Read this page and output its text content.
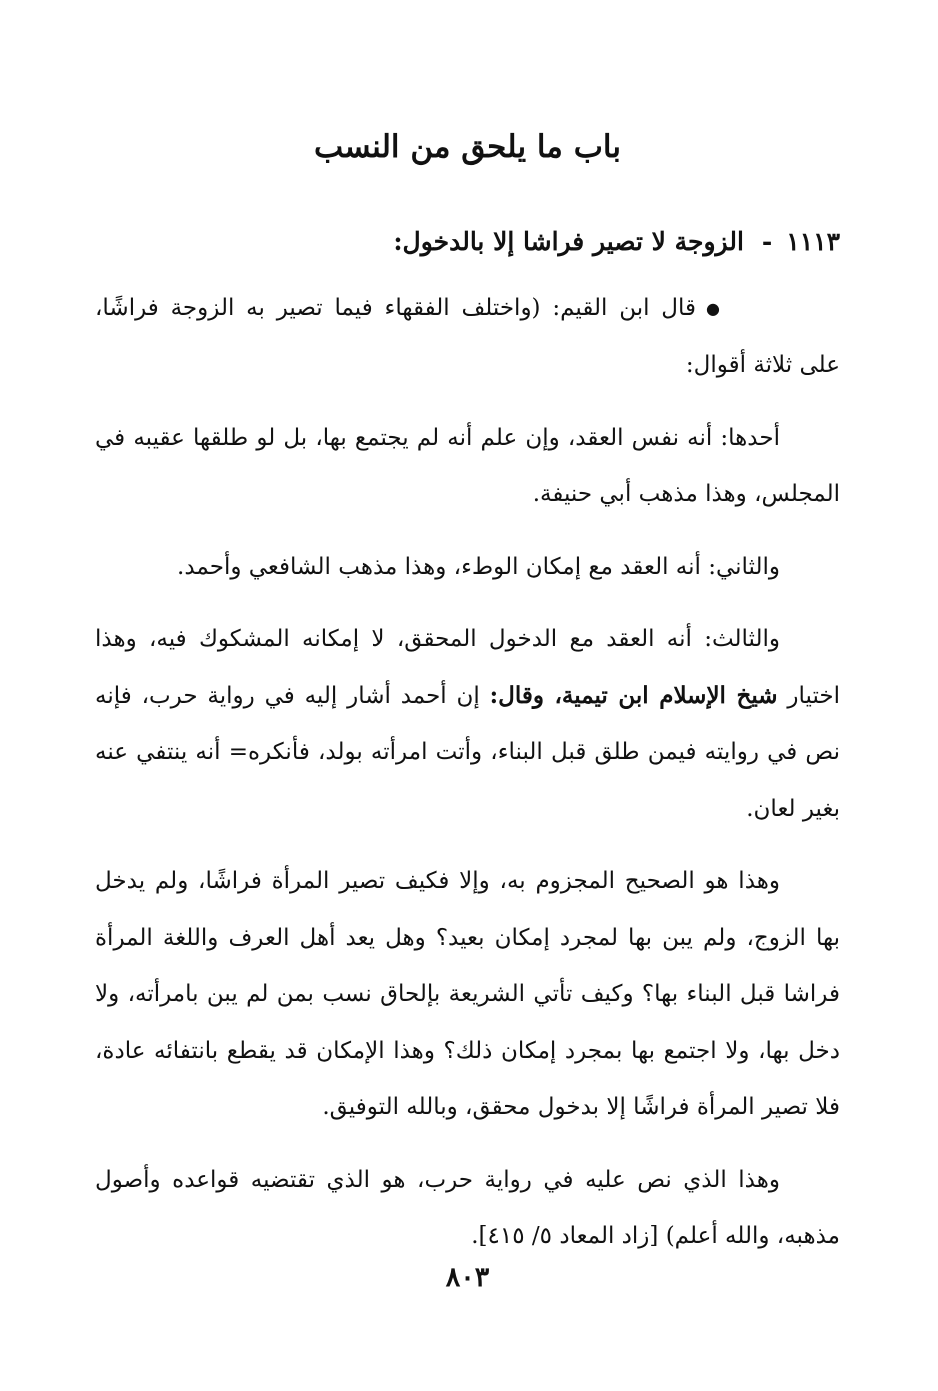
باب ما يلحق من النسب
١١١٣-الزوجة لا تصير فراشا إلا بالدخول:

●قال ابن القيم: (واختلف الفقهاء فيما تصير به الزوجة فراشًا، على ثلاثة أقوال:

أحدها: أنه نفس العقد، وإن علم أنه لم يجتمع بها، بل لو طلقها عقيبه في المجلس، وهذا مذهب أبي حنيفة.

والثاني: أنه العقد مع إمكان الوطء، وهذا مذهب الشافعي وأحمد.

والثالث: أنه العقد مع الدخول المحقق، لا إمكانه المشكوك فيه، وهذا اختيار شيخ الإسلام ابن تيمية، وقال: إن أحمد أشار إليه في رواية حرب، فإنه نص في روايته فيمن طلق قبل البناء، وأتت امرأته بولد، فأنكره= أنه ينتفي عنه بغير لعان.

وهذا هو الصحيح المجزوم به، وإلا فكيف تصير المرأة فراشًا، ولم يدخل بها الزوج، ولم يبن بها لمجرد إمكان بعيد؟ وهل يعد أهل العرف واللغة المرأة فراشا قبل البناء بها؟ وكيف تأتي الشريعة بإلحاق نسب بمن لم يبن بامرأته، ولا دخل بها، ولا اجتمع بها بمجرد إمكان ذلك؟ وهذا الإمكان قد يقطع بانتفائه عادة، فلا تصير المرأة فراشًا إلا بدخول محقق، وبالله التوفيق.

وهذا الذي نص عليه في رواية حرب، هو الذي تقتضيه قواعده وأصول مذهبه، والله أعلم) [زاد المعاد ٥/ ٤١٥].

٨٠٣
